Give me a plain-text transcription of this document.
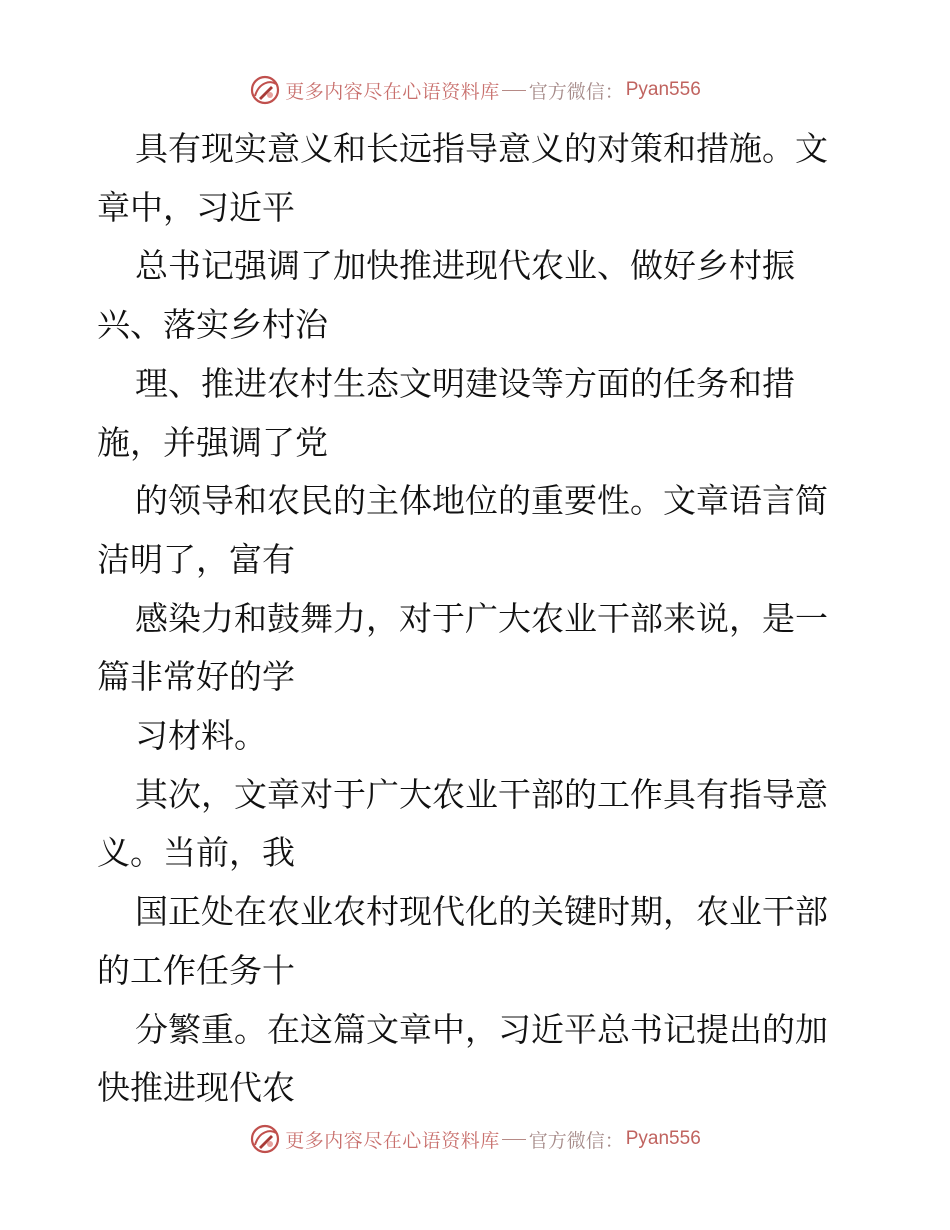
更多内容尽在心语资料库 官方微信： Pyan556
具有现实意义和长远指导意义的对策和措施。文
章中，习近平
总书记强调了加快推进现代农业、做好乡村振
兴、落实乡村治
理、推进农村生态文明建设等方面的任务和措
施，并强调了党
的领导和农民的主体地位的重要性。文章语言简
洁明了，富有
感染力和鼓舞力，对于广大农业干部来说，是一
篇非常好的学
习材料。
其次，文章对于广大农业干部的工作具有指导意
义。当前，我
国正处在农业农村现代化的关键时期，农业干部
的工作任务十
分繁重。在这篇文章中，习近平总书记提出的加
快推进现代农
更多内容尽在心语资料库 官方微信： Pyan556
